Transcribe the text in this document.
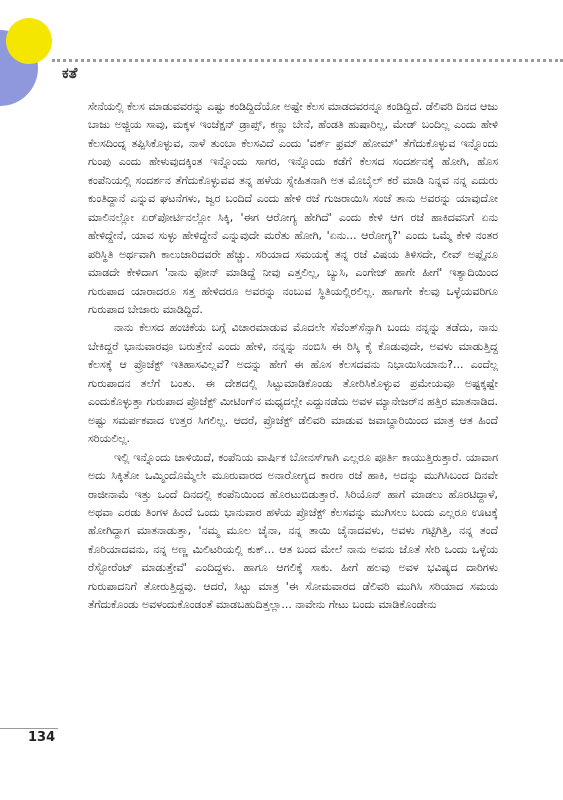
ಕತೆ

ಸೇನೆಯಲ್ಲಿ ಕೆಲಸ ಮಾಡುವವರನ್ನು ಎಷ್ಟು ಕಂಡಿದ್ದಿದೆಯೋ ಅಷ್ಟೇ ಕೆಲಸ ಮಾಡದವರನ್ನೂ ಕಂಡಿದ್ದಿದೆ. ಡೆಲಿವರಿ ದಿನದ ಆಜು ಬಾಜು ಅಜ್ಜಿಯ ಸಾವು, ಮಕ್ಕಳ ಇಂಜೆಕ್ಷನ್ ಡ್ರಾಪ್ಸ್, ಕಣ್ಣು ಬೇನೆ, ಹೆಂಡತಿ ಹುಷಾರಿಲ್ಲ, ಮೇಡ್ ಬಂದಿಲ್ಲ ಎಂದು ಹೇಳಿ ಕೆಲಸದಿಂದ್ನ ತಪ್ಪಿಸಿಕೊಳ್ಳುವ, ನಾಳೆ ತುಂಬಾ ಕೆಲಸವಿದೆ ಎಂದು 'ವರ್ಕ್ ಫ್ರಮ್ ಹೋಮ್' ತೆಗೆದುಕೊಳ್ಳುವ ಇನ್ನೊಂದು ಗುಂಪು ಎಂದು ಹೇಳುವುದಕ್ಕಿಂತ ಇನ್ನೊಂದು ಸಾಗರ, ಇನ್ನೊಂದು ಕಡೆಗೆ ಕೆಲಸದ ಸಂದರ್ಶನಕ್ಕೆ ಹೋಗಿ, ಹೊಸ ಕಂಪೆನಿಯಲ್ಲಿ ಸಂದರ್ಶನ ತೆಗೆದುಕೊಳ್ಳುವವ ತನ್ನ ಹಳೆಯ ಸ್ನೇಹಿತನಾಗಿ ಅತ ಮೊಬೈಲ್ ಕರೆ ಮಾಡಿ ನಿನ್ನವ ನನ್ನ ಎದುರು ಕುಂತಿದ್ದಾನೆ ಎನ್ನುವ ಘಟನೆಗಳು, ಜ್ವರ ಬಂದಿದೆ ಎಂದು ಹೇಳಿ ರಜೆ ಗುಜರಾಯಿಸಿ ಸಂಜೆ ತಾನು ಅವರನ್ನು ಯಾವುದೋ ಮಾಲಿನಲ್ಲೋ ಏರ್‌ಪೋರ್ಟಿನಲ್ಲೋ ಸಿಕ್ಕಿ, 'ಈಗ ಆರೋಗ್ಯ ಹೇಗಿದೆ' ಎಂದು ಕೇಳಿ ಆಗ ರಜೆ ಹಾಕಿದವನಿಗೆ ಏನು ಹೇಳಿದ್ದೇನೆ, ಯಾವ ಸುಳ್ಳು ಹೇಳಿದ್ದೇನೆ ಎನ್ನುವುದೇ ಮರೆತು ಹೋಗಿ, 'ಏನು... ಆರೋಗ್ಯ?' ಎಂದು ಒಮ್ಮೆ ಕೇಳಿ ನಂತರ ಪರಿಸ್ಥಿತಿ ಅರ್ಥವಾಗಿ ಕಾಲುಜಾರಿದವರೇ ಹೆಚ್ಚು. ಸರಿಯಾದ ಸಮಯಕ್ಕೆ ತನ್ನ ರಜೆ ವಿಷಯ ತಿಳಿಸದೇ, ಲೀವ್ ಅಪ್ಲೈನೂ ಮಾಡದೇ ಕೇಳಿದಾಗ 'ನಾನು ಫೋನ್ ಮಾಡಿದ್ದೆ ನೀವು ಎತ್ತಲಿಲ್ಲ, ಬ್ಯುಸಿ, ಎಂಗೇಜ್ ಹಾಗೇ ಹೀಗೆ' ಇತ್ಯಾದಿಯಿಂದ ಗುರುಪಾದ ಯಾರಾದರೂ ಸತ್ತ ಹೇಳಿದರೂ ಅವರನ್ನು ನಂಬುವ ಸ್ಥಿತಿಯಲ್ಲಿರಲಿಲ್ಲ. ಹಾಗಾಗೇ ಕೆಲವು ಒಳ್ಳೆಯವರಿಗೂ ಗುರುಪಾದ ಬೇಜಾರು ಮಾಡಿದ್ದಿದೆ.

ನಾನು ಕೆಲಸದ ಹಂಚಿಕೆಯ ಬಗ್ಗೆ ವಿಚಾರಮಾಡುವ ಮೊದಲೇ ಸೆವೆಂತ್‌ಸೆನ್ಸಾಗಿ ಬಂದು ನನ್ನನ್ನು ತಡೆದು, ನಾನು ಬೇಕಿದ್ದರೆ ಭಾನುವಾರವೂ ಬರುತ್ತೇನೆ ಎಂದು ಹೇಳಿ, ನನ್ನನ್ನು ನಂಬಿಸಿ ಈ ರಿಸ್ಕಿ ಕೈ ಕೊಡುವುದೇ, ಅವಳು ಮಾಡುತ್ತಿದ್ದ ಕೆಲಸಕ್ಕೆ ಆ ಪ್ರೊಜೆಕ್ಟ್ ಇತಿಹಾಸವಿಲ್ಲವೆ? ಅದನ್ನು ಹೇಗೆ ಈ ಹೊಸ ಕೆಲಸದವನು ನಿಭಾಯಿಸಿಯಾನು?... ಎಂದೆಲ್ಲ ಗುರುಪಾದನ ತಲೆಗೆ ಬಂತು. ಈ ದೇಶದಲ್ಲಿ ಸಿಟ್ಟುಮಾಡಿಕೊಂಡು ತೋರಿಸಿಕೊಳ್ಳುವ ಪ್ರಮೇಯವೂ ಅಷ್ಟಕ್ಕಷ್ಟೇ ಎಂದುಕೊಳ್ಳುತ್ತಾ ಗುರುಪಾದ ಪ್ರೊಜೆಕ್ಟ್ ಮೀಟಿಂಗ್‌ನ ಮಧ್ಯದಲ್ಲೇ ಎದ್ದುನಡೆದು ಅವಳ ಮ್ಯಾನೇಜರ್‌ನ ಹತ್ತಿರ ಮಾತನಾಡಿದ. ಅಷ್ಟು ಸಮರ್ಪಕವಾದ ಉತ್ತರ ಸಿಗಲಿಲ್ಲ. ಆದರೆ, ಪ್ರೊಜೆಕ್ಟ್ ಡೆಲಿವರಿ ಮಾಡುವ ಜವಾಬ್ದಾರಿಯಿಂದ ಮಾತ್ರ ಆತ ಹಿಂದೆ ಸರಿಯಲಿಲ್ಲ.

ಇಲ್ಲಿ ಇನ್ನೊಂದು ಚಾಳಿಯಿದೆ, ಕಂಪೆನಿಯ ವಾರ್ಷಿಕ ಬೋನಸ್‌ಗಾಗಿ ಎಲ್ಲರೂ ಪೂರ್ತಿ ಕಾಯುತ್ತಿರುತ್ತಾರೆ. ಯಾವಾಗ ಅದು ಸಿಕ್ಕಿತೋ ಒಮ್ಮಿಂದೊಮ್ಮೆಲೇ ಮೂರುವಾರದ ಅನಾರೋಗ್ಯದ ಕಾರಣ ರಜೆ ಹಾಕಿ, ಅದನ್ನು ಮುಗಿಸಿಬಂದ ದಿನವೇ ರಾಜೀನಾಮೆ ಇತ್ತು ಒಂದೆ ದಿನದಲ್ಲಿ ಕಂಪೆನಿಯಿಂದ ಹೊರಟುಬಿಡುತ್ತಾರೆ. ಸಿರಿಯೊನ್ ಹಾಗೆ ಮಾಡಲು ಹೊರಟಿದ್ದಾಳೆ, ಅಥವಾ ಎರಡು ತಿಂಗಳ ಹಿಂದೆ ಒಂದು ಭಾನುವಾರ ಹಳೆಯ ಪ್ರೊಜೆಕ್ಟ್ ಕೆಲಸವನ್ನು ಮುಗಿಸಲು ಬಂದು ಎಲ್ಲರೂ ಊಟಕ್ಕೆ ಹೋಗಿದ್ದಾಗ ಮಾತನಾಡುತ್ತಾ, 'ನಮ್ಮ ಮೂಲ ಚೈನಾ, ನನ್ನ ತಾಯಿ ಚೈನಾದವಳು, ಅವಳು ಗಟ್ಟಿಗಿತ್ತಿ, ನನ್ನ ತಂದೆ ಕೊರಿಯಾದವನು, ನನ್ನ ಅಣ್ಣ ಮಿಲಿಟರಿಯಲ್ಲಿ ಕುಕ್... ಆತ ಬಂದ ಮೇಲೆ ನಾನು ಅವನು ಜೊತೆ ಸೇರಿ ಒಂದು ಒಳ್ಳೆಯ ರೆಸ್ಟೋರೆಂಟ್ ಮಾಡುತ್ತೇವೆ' ಎಂದಿದ್ದಳು. ಹಾಗೂ ಆಗಲಿಕ್ಕೆ ಸಾಕು. ಹೀಗೆ ಹಲವು ಅವಳ ಭವಿಷ್ಯದ ದಾರಿಗಳು ಗುರುಪಾದನಿಗೆ ತೋರುತ್ತಿದ್ದವು. ಆದರೆ, ಸಿಟ್ಟು ಮಾತ್ರ 'ಈ ಸೋಮವಾರದ ಡೆಲಿವರಿ ಮುಗಿಸಿ ಸರಿಯಾದ ಸಮಯ ತೆಗೆದುಕೊಂಡು ಅವಳಂದುಕೊಂಡಂತೆ ಮಾಡಬಹುದಿತ್ತಲ್ಲಾ... ನಾವೇನು ಗೇಟು ಬಂದು ಮಾಡಿಕೊಂಡೇನು

134
